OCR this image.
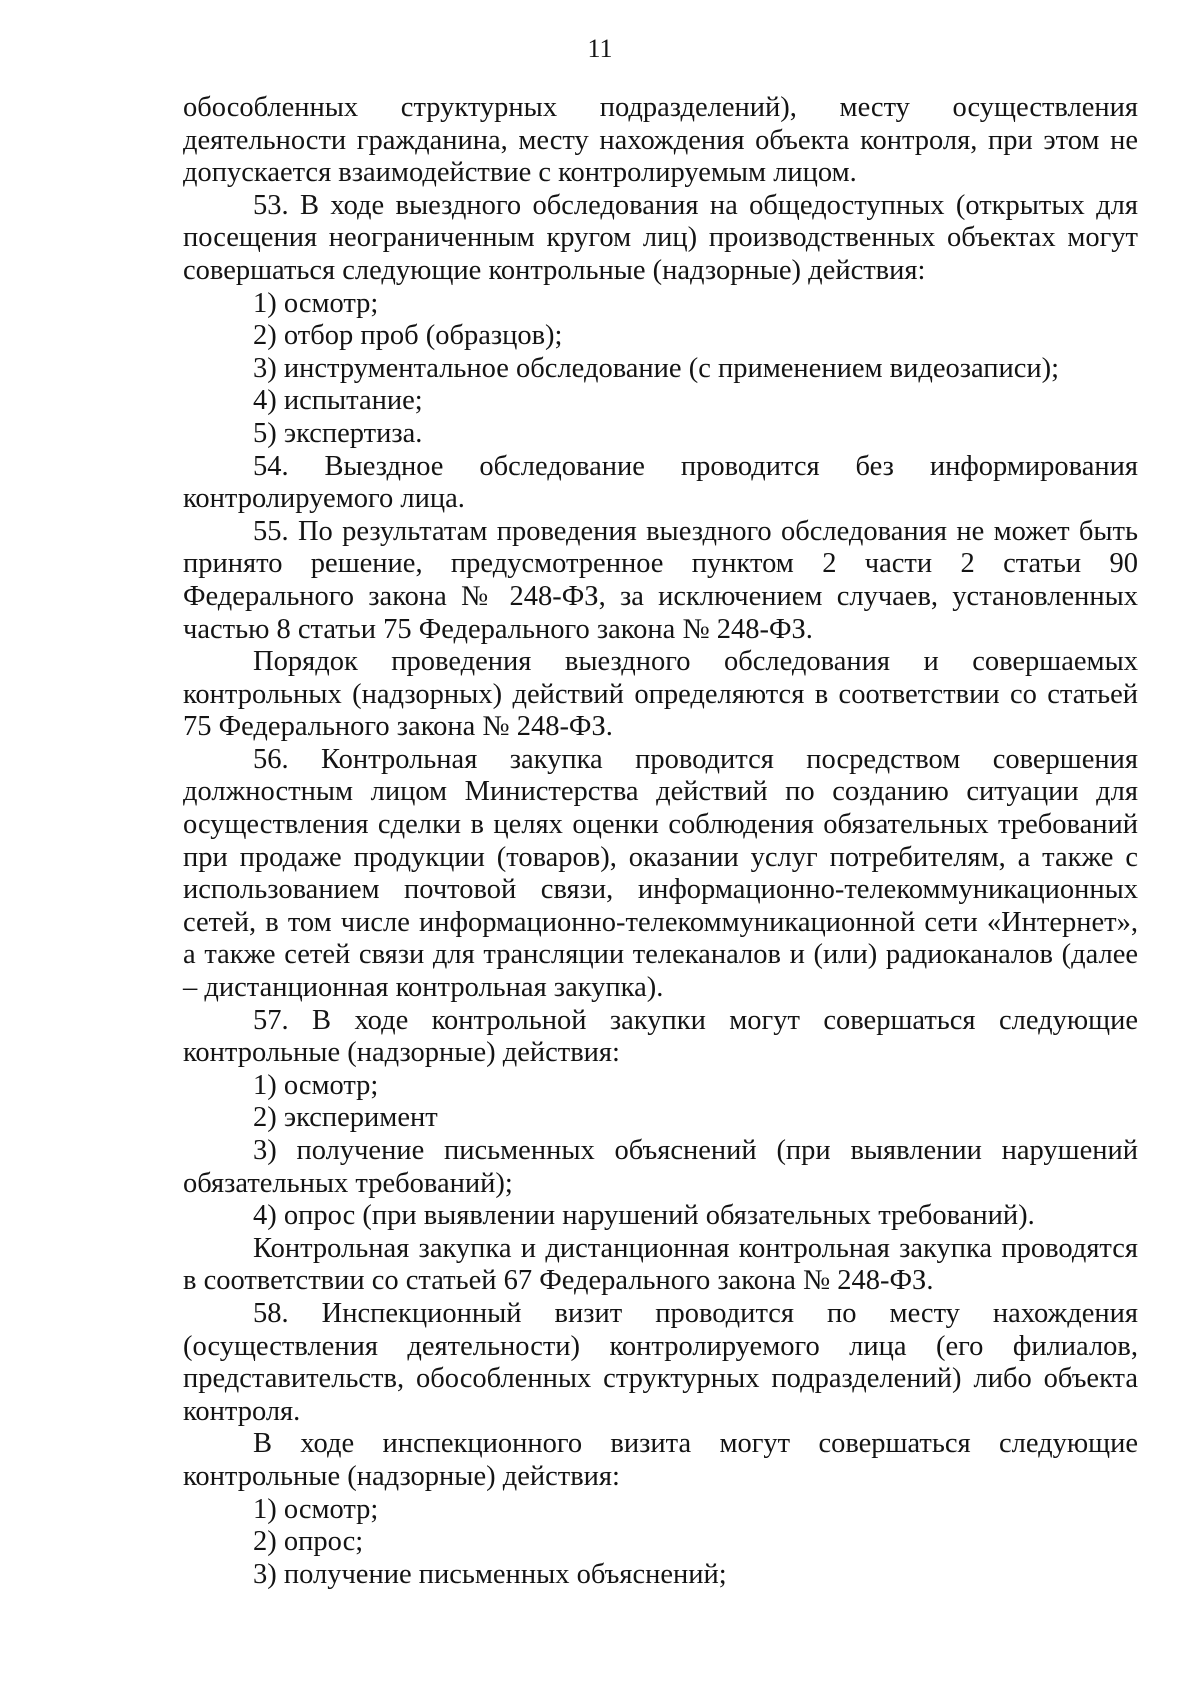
11

обособленных структурных подразделений), месту осуществления деятельности гражданина, месту нахождения объекта контроля, при этом не допускается взаимодействие с контролируемым лицом.

53. В ходе выездного обследования на общедоступных (открытых для посещения неограниченным кругом лиц) производственных объектах могут совершаться следующие контрольные (надзорные) действия:

1) осмотр;

2) отбор проб (образцов);

3) инструментальное обследование (с применением видеозаписи);

4) испытание;

5) экспертиза.

54. Выездное обследование проводится без информирования контролируемого лица.

55. По результатам проведения выездного обследования не может быть принято решение, предусмотренное пунктом 2 части 2 статьи 90 Федерального закона № 248-ФЗ, за исключением случаев, установленных частью 8 статьи 75 Федерального закона № 248-ФЗ.

Порядок проведения выездного обследования и совершаемых контрольных (надзорных) действий определяются в соответствии со статьей 75 Федерального закона № 248-ФЗ.

56. Контрольная закупка проводится посредством совершения должностным лицом Министерства действий по созданию ситуации для осуществления сделки в целях оценки соблюдения обязательных требований при продаже продукции (товаров), оказании услуг потребителям, а также с использованием почтовой связи, информационно-телекоммуникационных сетей, в том числе информационно-телекоммуникационной сети «Интернет», а также сетей связи для трансляции телеканалов и (или) радиоканалов (далее – дистанционная контрольная закупка).

57. В ходе контрольной закупки могут совершаться следующие контрольные (надзорные) действия:

1) осмотр;

2) эксперимент

3) получение письменных объяснений (при выявлении нарушений обязательных требований);

4) опрос (при выявлении нарушений обязательных требований).

Контрольная закупка и дистанционная контрольная закупка проводятся в соответствии со статьей 67 Федерального закона № 248-ФЗ.

58. Инспекционный визит проводится по месту нахождения (осуществления деятельности) контролируемого лица (его филиалов, представительств, обособленных структурных подразделений) либо объекта контроля.

В ходе инспекционного визита могут совершаться следующие контрольные (надзорные) действия:

1) осмотр;

2) опрос;

3) получение письменных объяснений;
